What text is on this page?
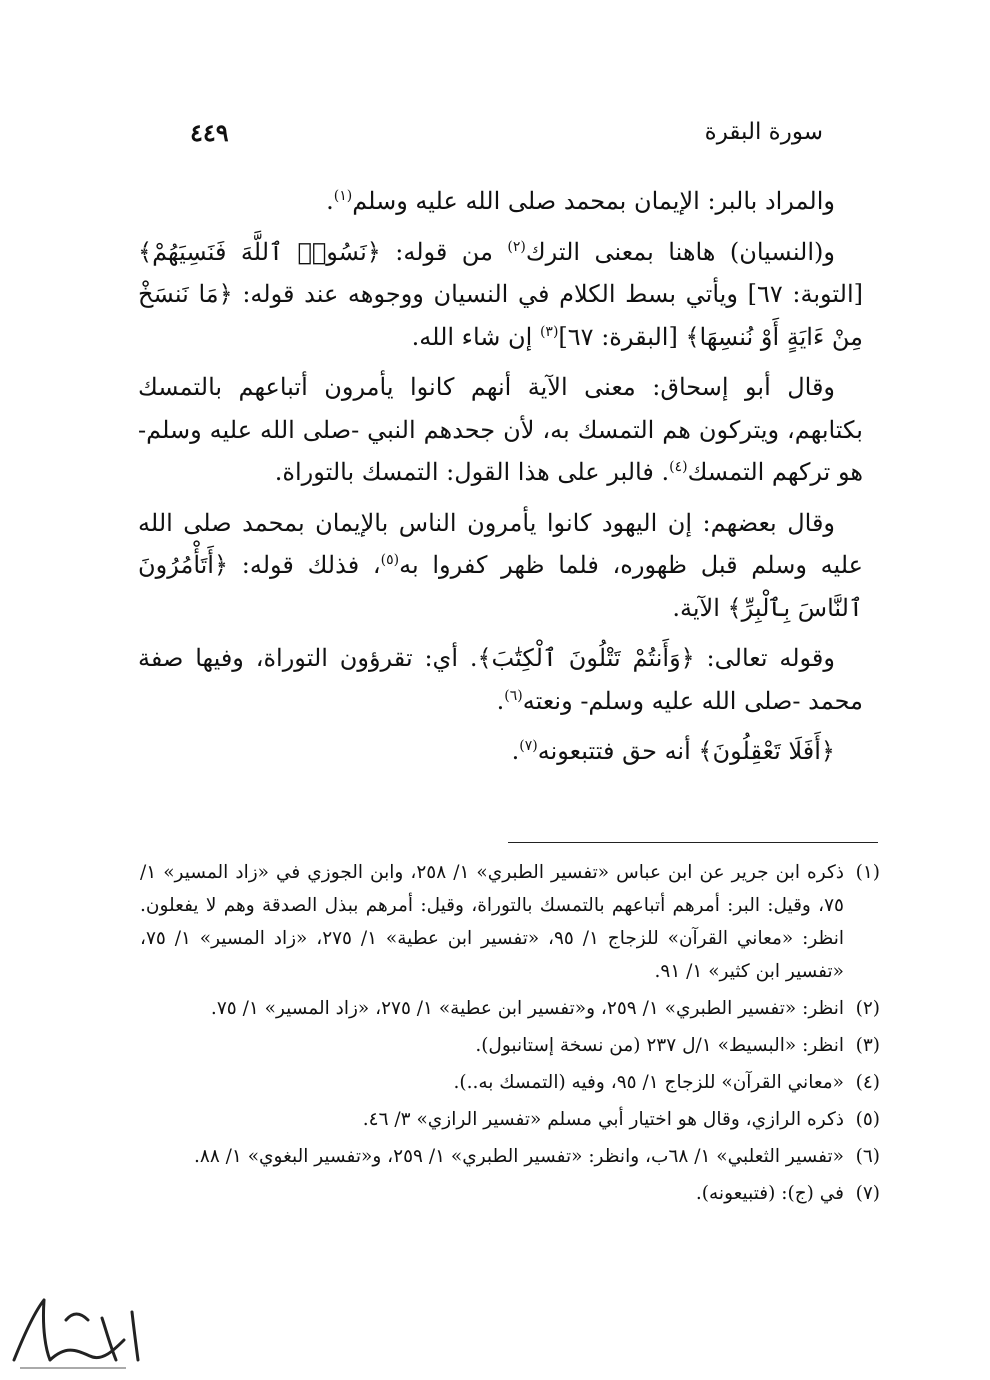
سورة البقرة
٤٤٩

والمراد بالبر: الإيمان بمحمد صلى الله عليه وسلم$^{(١)}$.

و(النسيان) هاهنا بمعنى الترك$^{(٢)}$ من قوله: ﴿نَسُوا۟ ٱللَّهَ فَنَسِيَهُمْ﴾ [التوبة: ٦٧] ويأتي بسط الكلام في النسيان ووجوهه عند قوله: ﴿مَا نَنسَخْ مِنْ ءَايَةٍ أَوْ نُنسِهَا﴾ [البقرة: ٦٧]$^{(٣)}$ إن شاء الله.

وقال أبو إسحاق: معنى الآية أنهم كانوا يأمرون أتباعهم بالتمسك بكتابهم، ويتركون هم التمسك به، لأن جحدهم النبي -صلى الله عليه وسلم- هو تركهم التمسك$^{(٤)}$. فالبر على هذا القول: التمسك بالتوراة.

وقال بعضهم: إن اليهود كانوا يأمرون الناس بالإيمان بمحمد صلى الله عليه وسلم قبل ظهوره، فلما ظهر كفروا به$^{(٥)}$، فذلك قوله: ﴿أَتَأْمُرُونَ ٱلنَّاسَ بِٱلْبِرِّ﴾ الآية.

وقوله تعالى: ﴿وَأَنتُمْ تَتْلُونَ ٱلْكِتَٰبَ﴾. أي: تقرؤون التوراة، وفيها صفة محمد -صلى الله عليه وسلم- ونعته$^{(٦)}$.

﴿أَفَلَا تَعْقِلُونَ﴾ أنه حق فتتبعونه$^{(٧)}$.

(١)
ذكره ابن جرير عن ابن عباس «تفسير الطبري» ١/ ٢٥٨، وابن الجوزي في «زاد المسير» ١/ ٧٥، وقيل: البر: أمرهم أتباعهم بالتمسك بالتوراة، وقيل: أمرهم ببذل الصدقة وهم لا يفعلون. انظر: «معاني القرآن» للزجاج ١/ ٩٥، «تفسير ابن عطية» ١/ ٢٧٥، «زاد المسير» ١/ ٧٥، «تفسير ابن كثير» ١/ ٩١.
(٢)
انظر: «تفسير الطبري» ١/ ٢٥٩، و«تفسير ابن عطية» ١/ ٢٧٥، «زاد المسير» ١/ ٧٥.
(٣)
انظر: «البسيط» ١/ل ٢٣٧ (من نسخة إستانبول).
(٤)
«معاني القرآن» للزجاج ١/ ٩٥، وفيه (التمسك به..).
(٥)
ذكره الرازي، وقال هو اختيار أبي مسلم «تفسير الرازي» ٣/ ٤٦.
(٦)
«تفسير الثعلبي» ١/ ٦٨ب، وانظر: «تفسير الطبري» ١/ ٢٥٩، و«تفسير البغوي» ١/ ٨٨.
(٧)
في (ج): (فتبيعونه).
